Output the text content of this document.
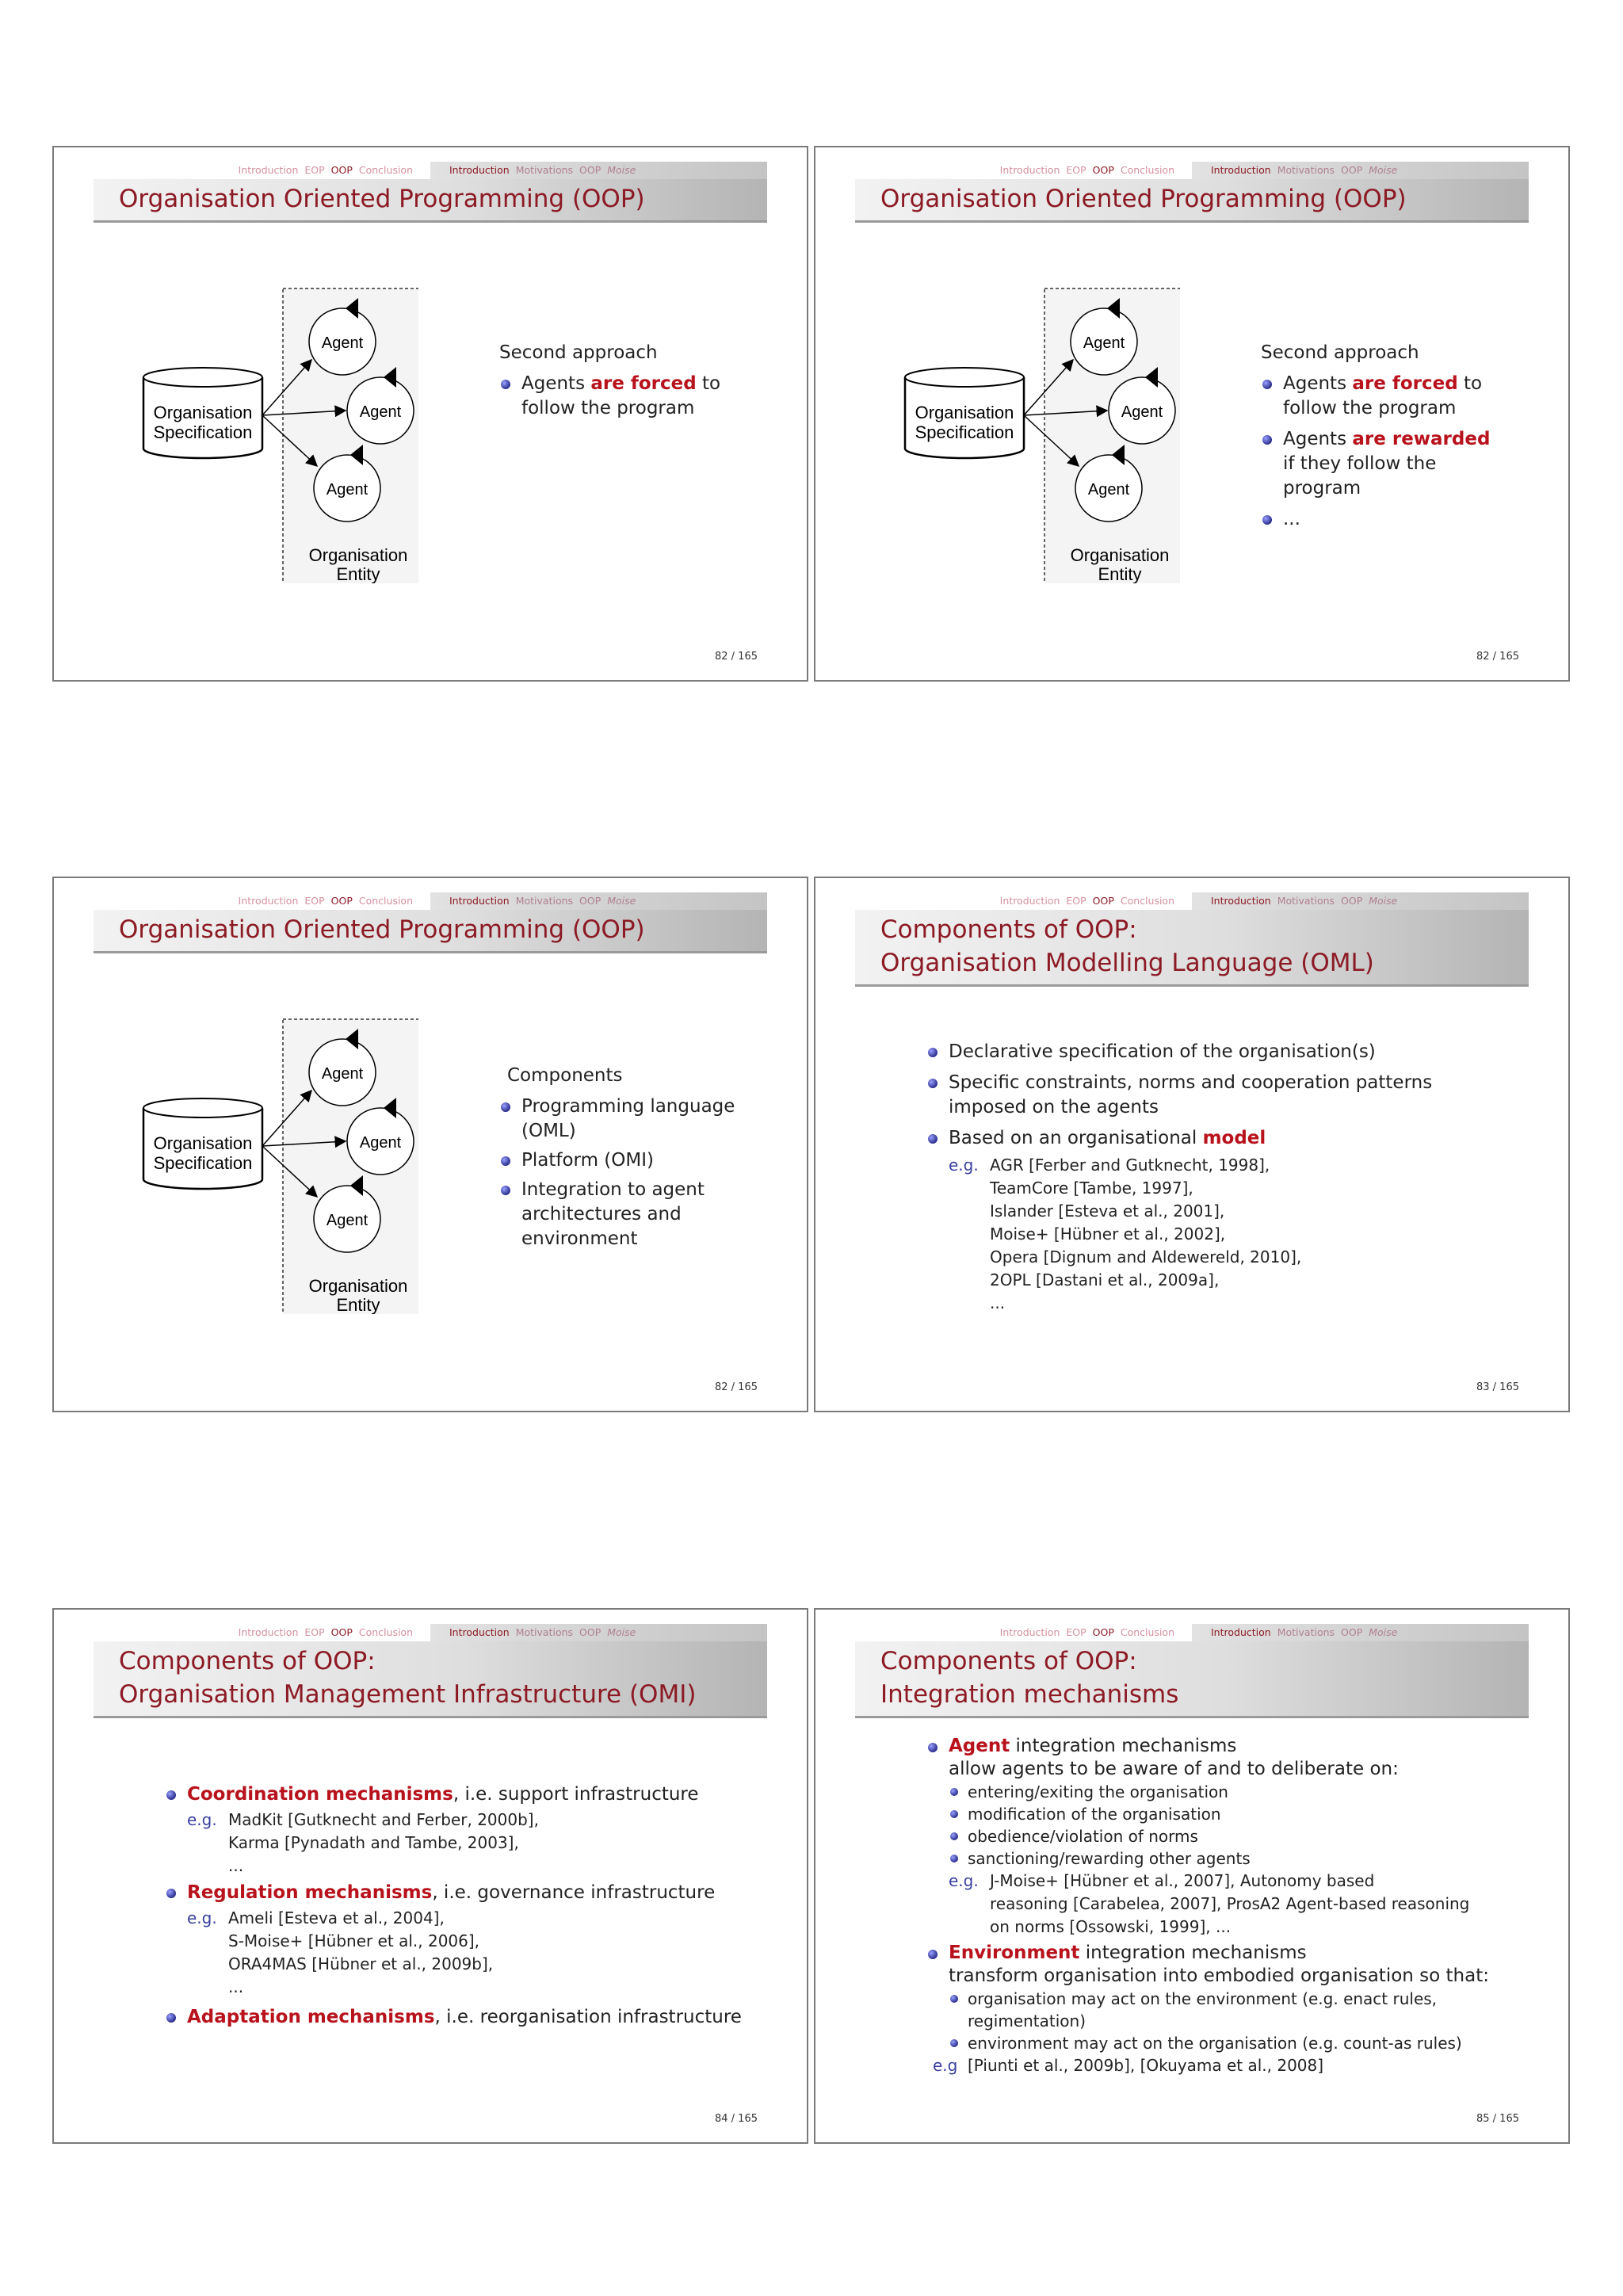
Introduction EOP OOP Conclusion	Introduction Motivations OOP Moise
Organisation Oriented Programming (OOP)
Agent
Agent
Agent
Organisation
Specification
Organisation
Entity
Second approach
Agents are forced to follow the program
82 / 165
Introduction EOP OOP Conclusion	Introduction Motivations OOP Moise
Organisation Oriented Programming (OOP)
Agent
Agent
Agent
Organisation
Specification
Organisation
Entity
Second approach
Agents are forced to follow the program
Agents are rewarded if they follow the program
...
82 / 165
Introduction EOP OOP Conclusion	Introduction Motivations OOP Moise
Organisation Oriented Programming (OOP)
Agent
Agent
Agent
Organisation
Specification
Organisation
Entity
Components
Programming language (OML)
Platform (OMI)
Integration to agent architectures and environment
82 / 165
Introduction EOP OOP Conclusion	Introduction Motivations OOP Moise
Components of OOP:
Organisation Modelling Language (OML)
Declarative specification of the organisation(s)
Specific constraints, norms and cooperation patterns imposed on the agents
Based on an organisational model
e.g. AGR [Ferber and Gutknecht, 1998],
TeamCore [Tambe, 1997],
Islander [Esteva et al., 2001],
Moise+ [Hübner et al., 2002],
Opera [Dignum and Aldewereld, 2010],
2OPL [Dastani et al., 2009a],
...
83 / 165
Introduction EOP OOP Conclusion	Introduction Motivations OOP Moise
Components of OOP:
Organisation Management Infrastructure (OMI)
Coordination mechanisms, i.e. support infrastructure
e.g. MadKit [Gutknecht and Ferber, 2000b],
Karma [Pynadath and Tambe, 2003],
...
Regulation mechanisms, i.e. governance infrastructure
e.g. Ameli [Esteva et al., 2004],
S-Moise+ [Hübner et al., 2006],
ORA4MAS [Hübner et al., 2009b],
...
Adaptation mechanisms, i.e. reorganisation infrastructure
84 / 165
Introduction EOP OOP Conclusion	Introduction Motivations OOP Moise
Components of OOP:
Integration mechanisms
Agent integration mechanisms
allow agents to be aware of and to deliberate on:
entering/exiting the organisation
modification of the organisation
obedience/violation of norms
sanctioning/rewarding other agents
e.g. J-Moise+ [Hübner et al., 2007], Autonomy based
reasoning [Carabelea, 2007], ProsA2 Agent-based reasoning
on norms [Ossowski, 1999], ...
Environment integration mechanisms
transform organisation into embodied organisation so that:
organisation may act on the environment (e.g. enact rules, regimentation)
environment may act on the organisation (e.g. count-as rules)
e.g [Piunti et al., 2009b], [Okuyama et al., 2008]
85 / 165
